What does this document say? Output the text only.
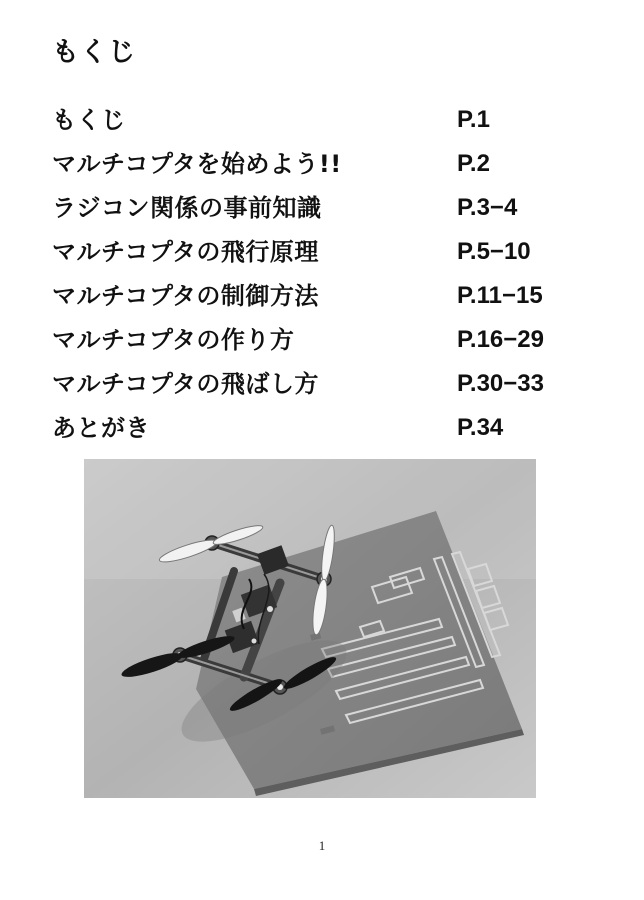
もくじ
もくじ	P.1
マルチコプタを始めよう!!	P.2
ラジコン関係の事前知識	P.3−4
マルチコプタの飛行原理	P.5−10
マルチコプタの制御方法	P.11−15
マルチコプタの作り方	P.16−29
マルチコプタの飛ばし方	P.30−33
あとがき	P.34
1
